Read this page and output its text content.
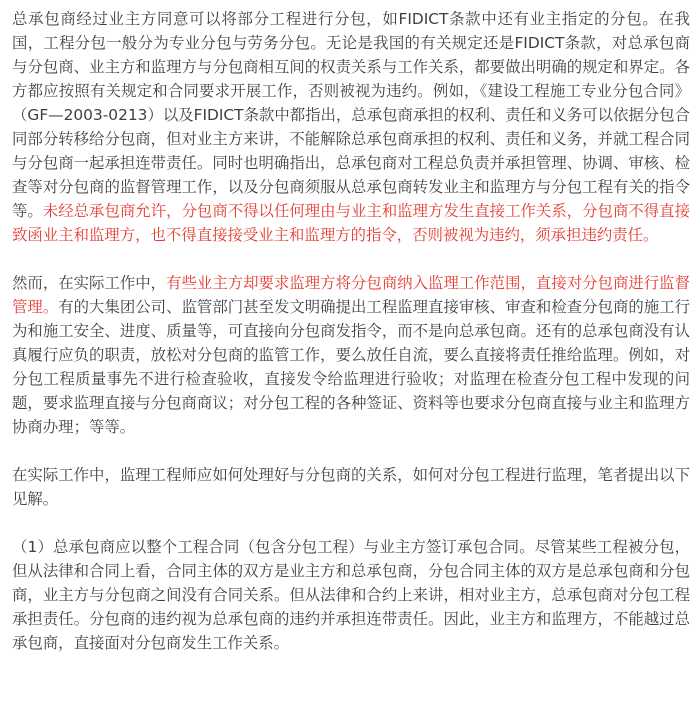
总承包商经过业主方同意可以将部分工程进行分包，如FIDICT条款中还有业主指定的分包。在我国，工程分包一般分为专业分包与劳务分包。无论是我国的有关规定还是FIDICT条款，对总承包商与分包商、业主方和监理方与分包商相互间的权责关系与工作关系，都要做出明确的规定和界定。各方都应按照有关规定和合同要求开展工作，否则被视为违约。例如，《建设工程施工专业分包合同》（GF—2003-0213）以及FIDICT条款中都指出，总承包商承担的权利、责任和义务可以依据分包合同部分转移给分包商，但对业主方来讲，不能解除总承包商承担的权利、责任和义务，并就工程合同与分包商一起承担连带责任。同时也明确指出，总承包商对工程总负责并承担管理、协调、审核、检查等对分包商的监督管理工作，以及分包商须服从总承包商转发业主和监理方与分包工程有关的指令等。未经总承包商允许，分包商不得以任何理由与业主和监理方发生直接工作关系，分包商不得直接致函业主和监理方，也不得直接接受业主和监理方的指令，否则被视为违约，须承担违约责任。

然而，在实际工作中，有些业主方却要求监理方将分包商纳入监理工作范围，直接对分包商进行监督管理。有的大集团公司、监管部门甚至发文明确提出工程监理直接审核、审查和检查分包商的施工行为和施工安全、进度、质量等，可直接向分包商发指令，而不是向总承包商。还有的总承包商没有认真履行应负的职责，放松对分包商的监管工作，要么放任自流，要么直接将责任推给监理。例如，对分包工程质量事先不进行检查验收，直接发令给监理进行验收；对监理在检查分包工程中发现的问题，要求监理直接与分包商商议；对分包工程的各种签证、资料等也要求分包商直接与业主和监理方协商办理；等等。

在实际工作中，监理工程师应如何处理好与分包商的关系，如何对分包工程进行监理，笔者提出以下见解。

（1）总承包商应以整个工程合同（包含分包工程）与业主方签订承包合同。尽管某些工程被分包，但从法律和合同上看，合同主体的双方是业主方和总承包商，分包合同主体的双方是总承包商和分包商，业主方与分包商之间没有合同关系。但从法律和合约上来讲，相对业主方，总承包商对分包工程承担责任。分包商的违约视为总承包商的违约并承担连带责任。因此，业主方和监理方，不能越过总承包商，直接面对分包商发生工作关系。
